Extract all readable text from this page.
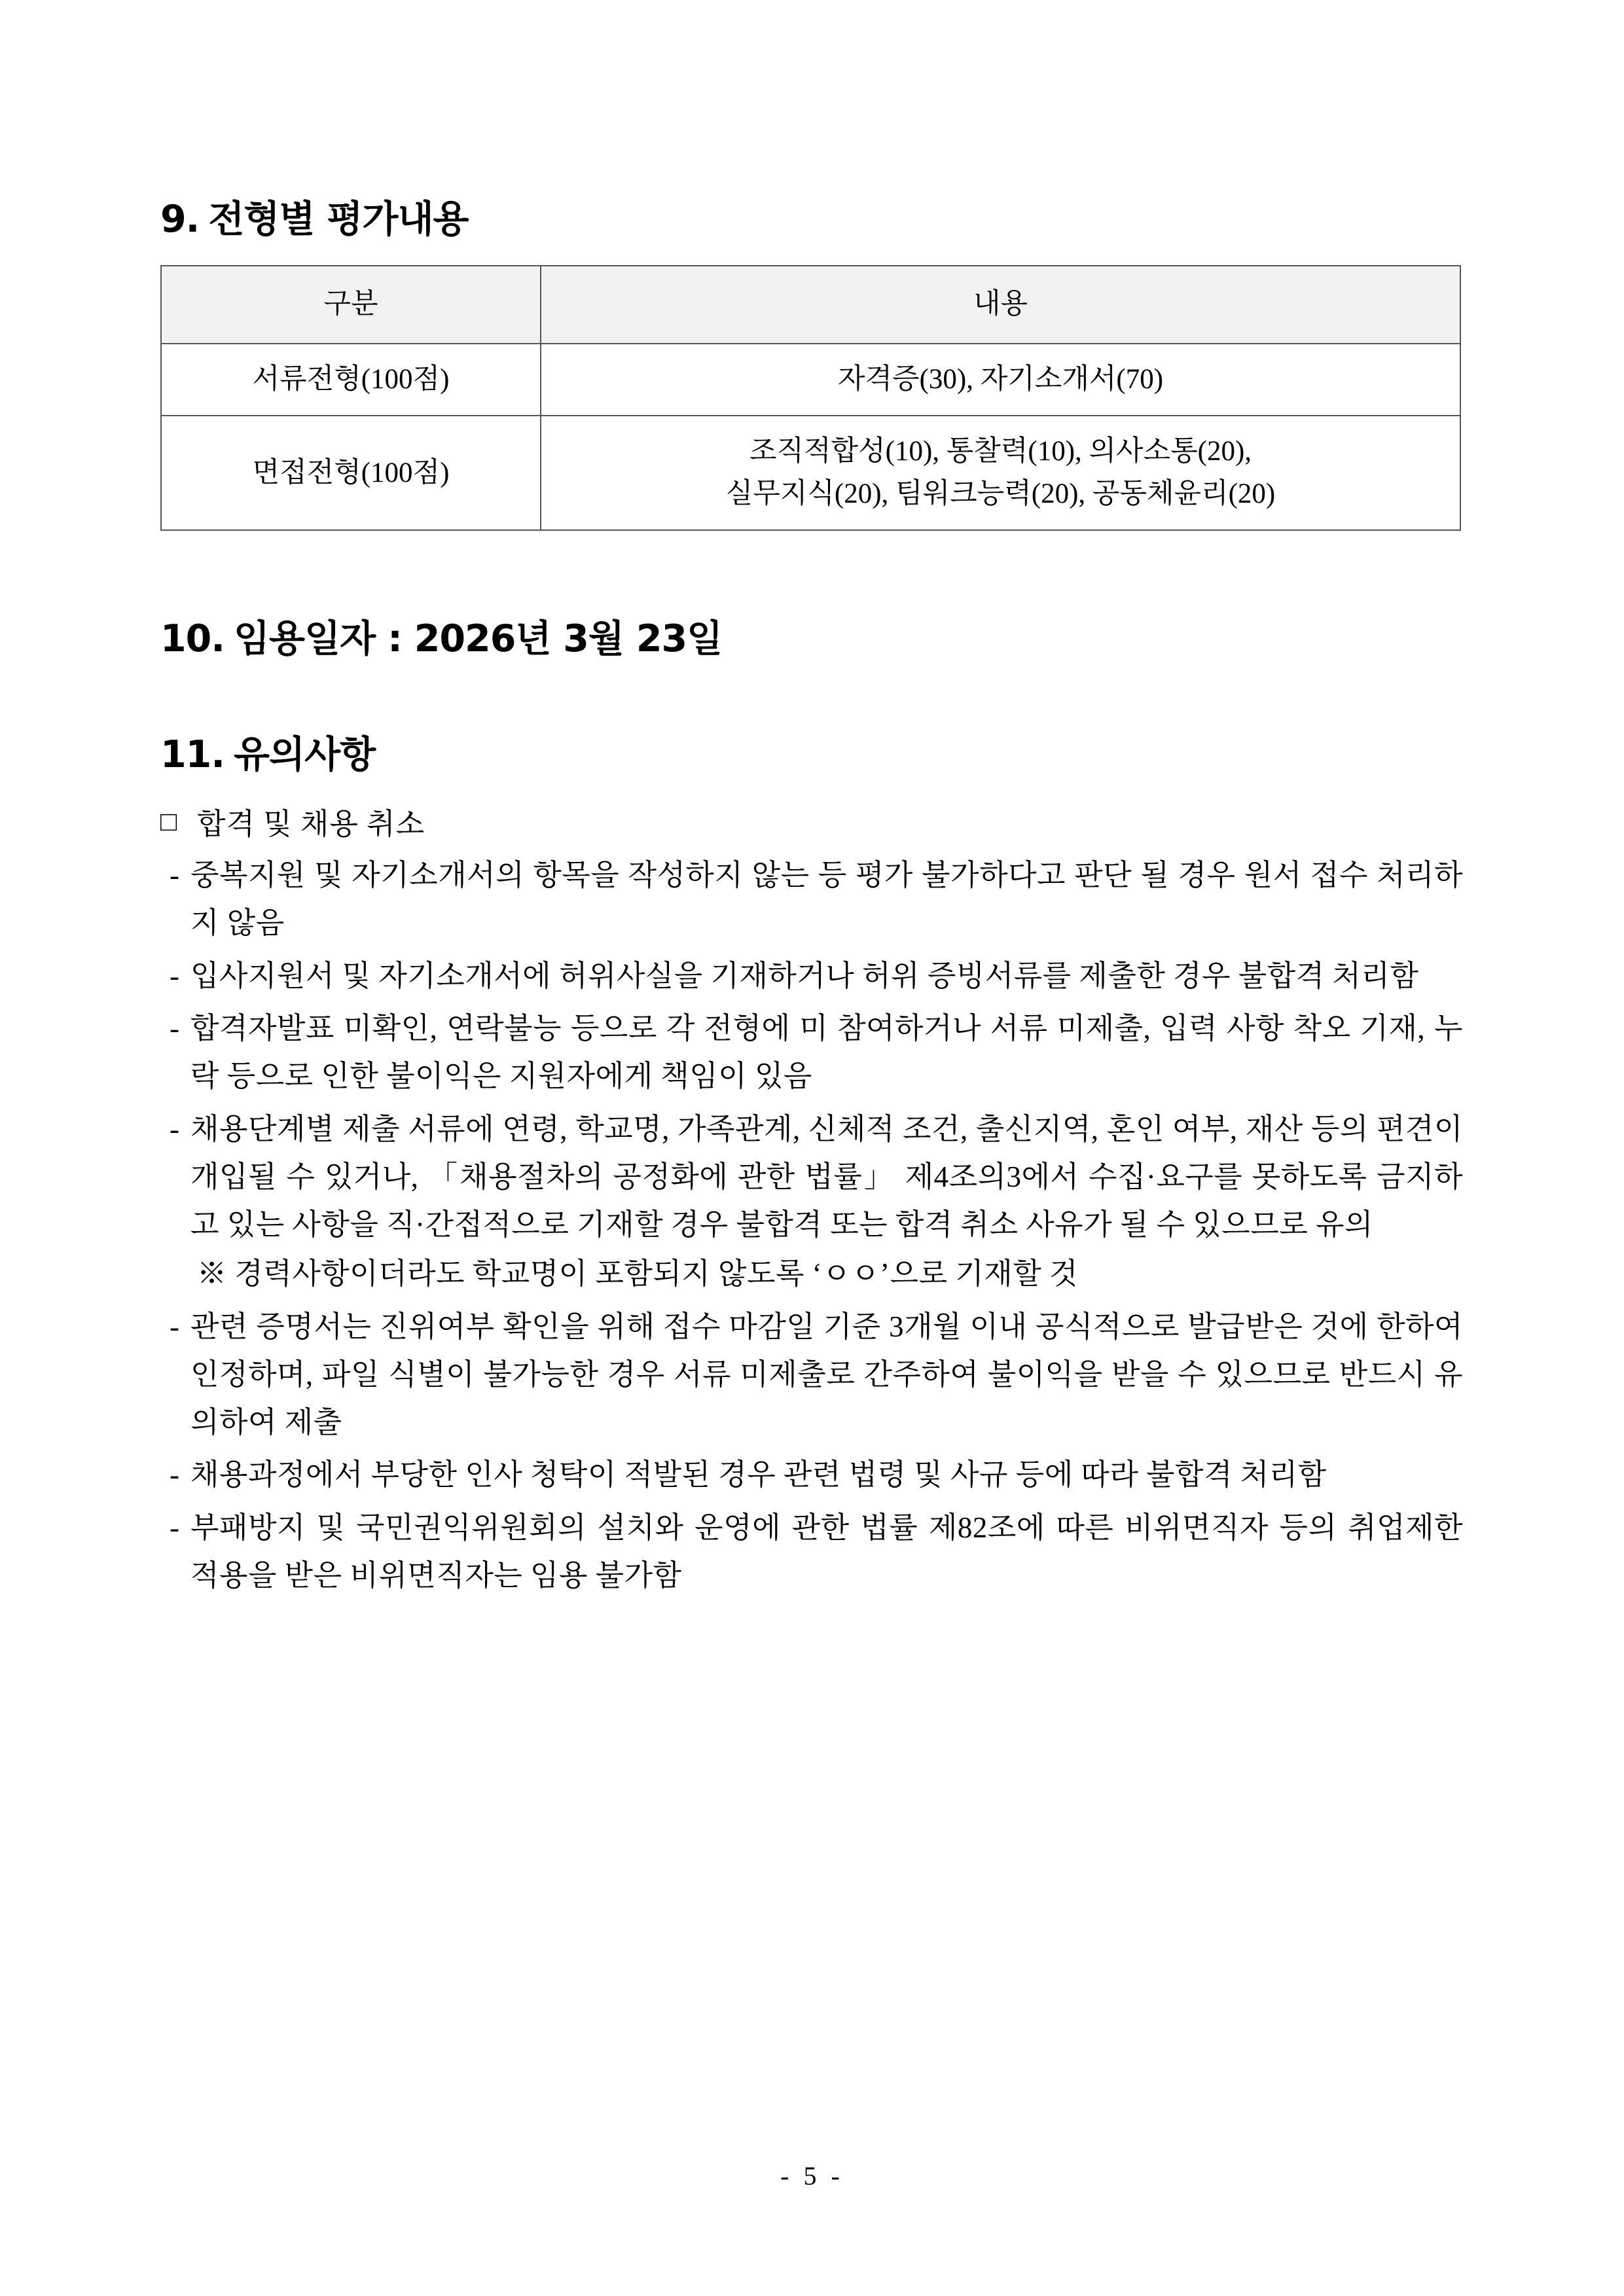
9. 전형별 평가내용
구분	내용
서류전형(100점)	자격증(30), 자기소개서(70)
면접전형(100점)	조직적합성(10), 통찰력(10), 의사소통(20),
실무지식(20), 팀워크능력(20), 공동체윤리(20)
10. 임용일자 : 2026년 3월 23일
11. 유의사항
□ 합격 및 채용 취소
- 중복지원 및 자기소개서의 항목을 작성하지 않는 등 평가 불가하다고 판단 될 경우 원서 접수 처리하지 않음

- 입사지원서 및 자기소개서에 허위사실을 기재하거나 허위 증빙서류를 제출한 경우 불합격 처리함

- 합격자발표 미확인, 연락불능 등으로 각 전형에 미 참여하거나 서류 미제출, 입력 사항 착오 기재, 누락 등으로 인한 불이익은 지원자에게 책임이 있음

- 채용단계별 제출 서류에 연령, 학교명, 가족관계, 신체적 조건, 출신지역, 혼인 여부, 재산 등의 편견이 개입될 수 있거나, 「채용절차의 공정화에 관한 법률」 제4조의3에서 수집·요구를 못하도록 금지하고 있는 사항을 직·간접적으로 기재할 경우 불합격 또는 합격 취소 사유가 될 수 있으므로 유의

※ 경력사항이더라도 학교명이 포함되지 않도록 ‘ㅇㅇ’으로 기재할 것

- 관련 증명서는 진위여부 확인을 위해 접수 마감일 기준 3개월 이내 공식적으로 발급받은 것에 한하여 인정하며, 파일 식별이 불가능한 경우 서류 미제출로 간주하여 불이익을 받을 수 있으므로 반드시 유의하여 제출

- 채용과정에서 부당한 인사 청탁이 적발된 경우 관련 법령 및 사규 등에 따라 불합격 처리함

- 부패방지 및 국민권익위원회의 설치와 운영에 관한 법률 제82조에 따른 비위면직자 등의 취업제한 적용을 받은 비위면직자는 임용 불가함

- 5 -
